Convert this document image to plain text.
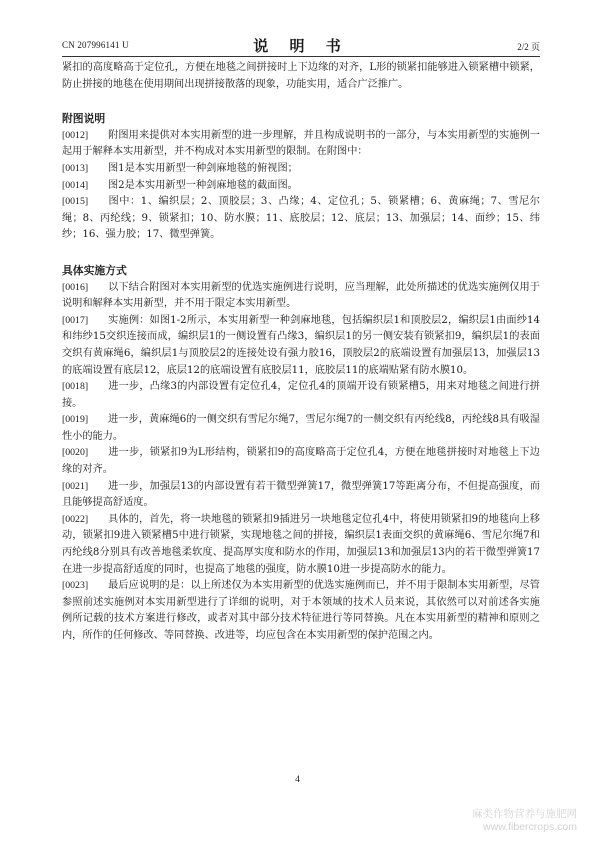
CN 207996141 U	说 明 书	2/2 页

紧扣的高度略高于定位孔，方便在地毯之间拼接时上下边缘的对齐，L形的锁紧扣能够进入锁紧槽中锁紧，防止拼接的地毯在使用期间出现拼接散落的现象，功能实用，适合广泛推广。

附图说明

[0012] 附图用来提供对本实用新型的进一步理解，并且构成说明书的一部分，与本实用新型的实施例一起用于解释本实用新型，并不构成对本实用新型的限制。在附图中：

[0013] 图1是本实用新型一种剑麻地毯的俯视图；

[0014] 图2是本实用新型一种剑麻地毯的截面图。

[0015] 图中：1、编织层；2、顶胶层；3、凸缘；4、定位孔；5、锁紧槽；6、黄麻绳；7、雪尼尔绳；8、丙纶线；9、锁紧扣；10、防水膜；11、底胶层；12、底层；13、加强层；14、面纱；15、纬纱；16、强力胶；17、微型弹簧。

具体实施方式

[0016] 以下结合附图对本实用新型的优选实施例进行说明，应当理解，此处所描述的优选实施例仅用于说明和解释本实用新型，并不用于限定本实用新型。

[0017] 实施例：如图1-2所示，本实用新型一种剑麻地毯，包括编织层1和顶胶层2，编织层1由面纱14和纬纱15交织连接而成，编织层1的一侧设置有凸缘3，编织层1的另一侧安装有锁紧扣9，编织层1的表面交织有黄麻绳6，编织层1与顶胶层2的连接处设有强力胶16，顶胶层2的底端设置有加强层13，加强层13的底端设置有底层12，底层12的底端设置有底胶层11，底胶层11的底端贴紧有防水膜10。

[0018] 进一步，凸缘3的内部设置有定位孔4，定位孔4的顶端开设有锁紧槽5，用来对地毯之间进行拼接。

[0019] 进一步，黄麻绳6的一侧交织有雪尼尔绳7，雪尼尔绳7的一侧交织有丙纶线8，丙纶线8具有吸湿性小的能力。

[0020] 进一步，锁紧扣9为L形结构，锁紧扣9的高度略高于定位孔4，方便在地毯拼接时对地毯上下边缘的对齐。

[0021] 进一步，加强层13的内部设置有若干微型弹簧17，微型弹簧17等距离分布，不但提高强度，而且能够提高舒适度。

[0022] 具体的，首先，将一块地毯的锁紧扣9插进另一块地毯定位孔4中，将使用锁紧扣9的地毯向上移动，锁紧扣9进入锁紧槽5中进行锁紧，实现地毯之间的拼接，编织层1表面交织的黄麻绳6、雪尼尔绳7和丙纶线8分别具有改善地毯柔软度、提高厚实度和防水的作用，加强层13和加强层13内的若干微型弹簧17在进一步提高舒适度的同时，也提高了地毯的强度，防水膜10进一步提高防水的能力。

[0023] 最后应说明的是：以上所述仅为本实用新型的优选实施例而已，并不用于限制本实用新型，尽管参照前述实施例对本实用新型进行了详细的说明，对于本领域的技术人员来说，其依然可以对前述各实施例所记载的技术方案进行修改，或者对其中部分技术特征进行等同替换。凡在本实用新型的精神和原则之内，所作的任何修改、等同替换、改进等，均应包含在本实用新型的保护范围之内。

4
麻类作物营养与施肥网
www.fibercrops.com
